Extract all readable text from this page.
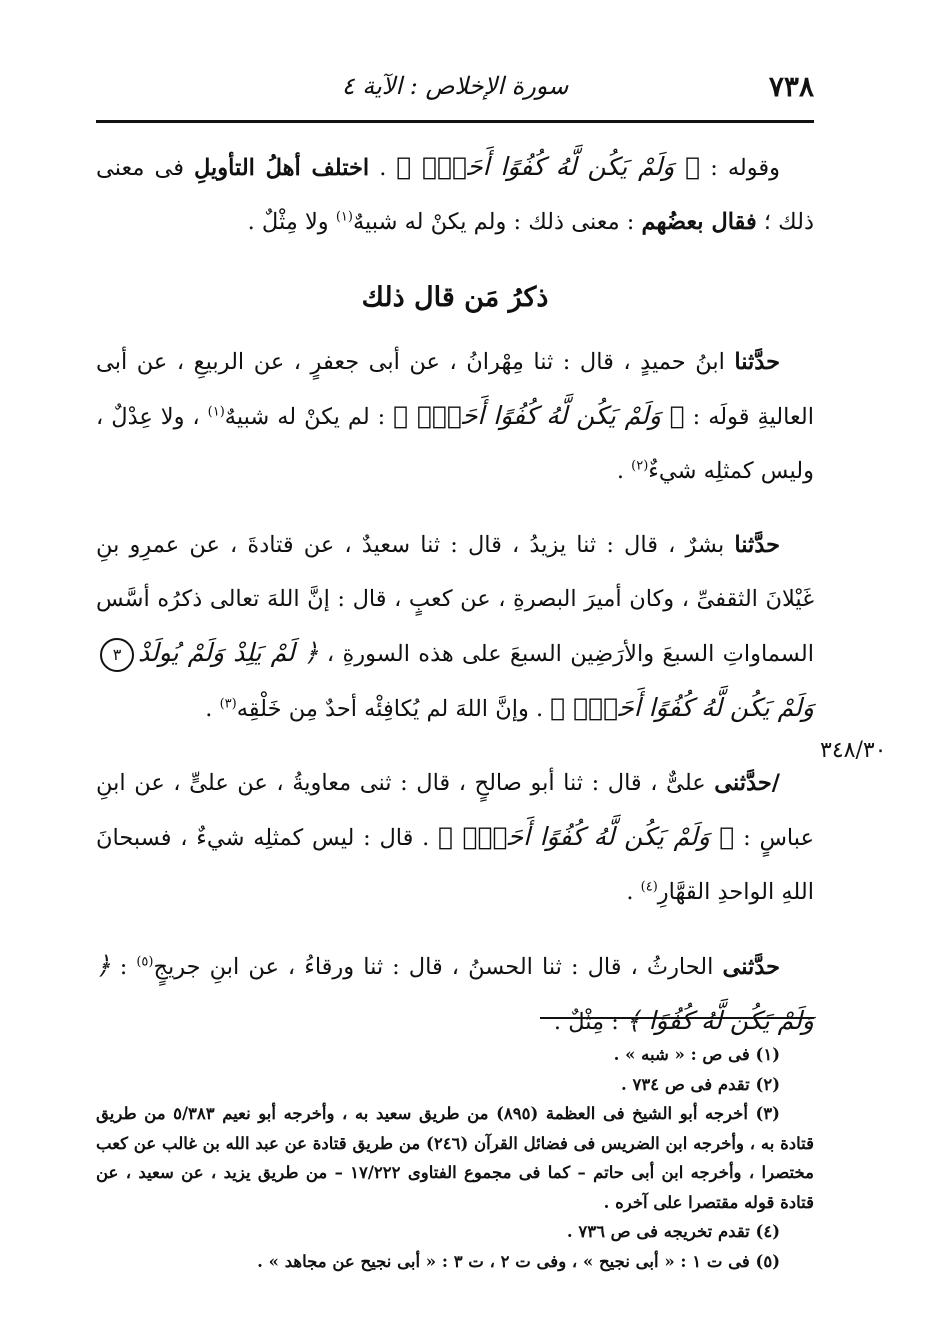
٧٣٨
سورة الإخلاص : الآية ٤
٣٤٨/٣٠

وقوله : ﴿ وَلَمْ يَكُن لَّهُ كُفُوًا أَحَدُۢ ﴾ . اختلف أهلُ التأويلِ فى معنى ذلك ؛ فقال بعضُهم : معنى ذلك : ولم يكنْ له شبيهٌ$^{(١)}$ ولا مِثْلٌ .

ذكرُ مَن قال ذلك

حدَّثنا ابنُ حميدٍ ، قال : ثنا مِهْرانُ ، عن أبى جعفرٍ ، عن الربيعِ ، عن أبى العاليةِ قولَه : ﴿ وَلَمْ يَكُن لَّهُ كُفُوًا أَحَدُۢ ﴾ : لم يكنْ له شبيهٌ$^{(١)}$ ، ولا عِدْلٌ ، وليس كمثلِه شيءٌ$^{(٢)}$ .

حدَّثنا بشرٌ ، قال : ثنا يزيدُ ، قال : ثنا سعيدٌ ، عن قتادةَ ، عن عمرِو بنِ غَيْلانَ الثقفىِّ ، وكان أميرَ البصرةِ ، عن كعبٍ ، قال : إنَّ اللهَ تعالى ذكرُه أسَّس السماواتِ السبعَ والأرَضِين السبعَ على هذه السورةِ ، ﴿ لَمْ يَلِدْ وَلَمْ يُولَدْ٣وَلَمْ يَكُن لَّهُ كُفُوًا أَحَدُۢ ﴾ . وإنَّ اللهَ لم يُكافِئْه أحدٌ مِن خَلْقِه$^{(٣)}$ .

/حدَّثنى علىٌّ ، قال : ثنا أبو صالحٍ ، قال : ثنى معاويةُ ، عن علىٍّ ، عن ابنِ عباسٍ : ﴿ وَلَمْ يَكُن لَّهُ كُفُوًا أَحَدُۢ ﴾ . قال : ليس كمثلِه شيءٌ ، فسبحانَ اللهِ الواحدِ القهَّارِ$^{(٤)}$ .

حدَّثنى الحارثُ ، قال : ثنا الحسنُ ، قال : ثنا ورقاءُ ، عن ابنِ جريجٍ$^{(٥)}$ : ﴿ وَلَمْ يَكُن لَّهُ كُفُوًا ﴾ : مِثْلٌ .

(١) فى ص : « شبه » .

(٢) تقدم فى ص ٧٣٤ .

(٣) أخرجه أبو الشيخ فى العظمة (٨٩٥) من طريق سعيد به ، وأخرجه أبو نعيم ٥/٣٨٣ من طريق قتادة به ، وأخرجه ابن الضريس فى فضائل القرآن (٢٤٦) من طريق قتادة عن عبد الله بن غالب عن كعب مختصرا ، وأخرجه ابن أبى حاتم – كما فى مجموع الفتاوى ١٧/٢٢٢ – من طريق يزيد ، عن سعيد ، عن قتادة قوله مقتصرا على آخره .

(٤) تقدم تخريجه فى ص ٧٣٦ .

(٥) فى ت ١ : « أبى نجيح » ، وفى ت ٢ ، ت ٣ : « أبى نجيح عن مجاهد » .
